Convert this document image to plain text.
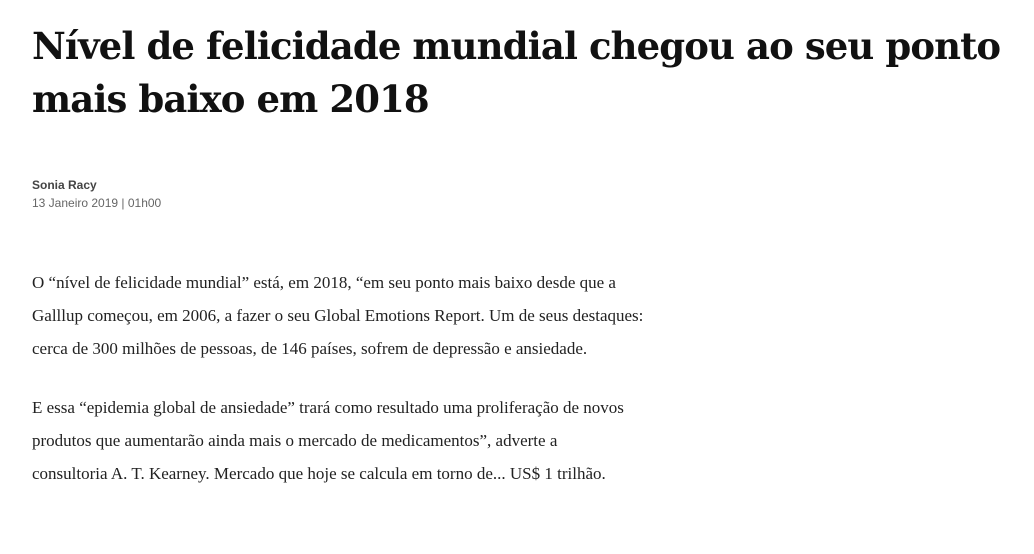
Nível de felicidade mundial chegou ao seu ponto
mais baixo em 2018
Sonia Racy
13 Janeiro 2019 | 01h00

O “nível de felicidade mundial” está, em 2018, “em seu ponto mais baixo desde que a
Galllup começou, em 2006, a fazer o seu Global Emotions Report. Um de seus destaques:
cerca de 300 milhões de pessoas, de 146 países, sofrem de depressão e ansiedade.

E essa “epidemia global de ansiedade” trará como resultado uma proliferação de novos
produtos que aumentarão ainda mais o mercado de medicamentos”, adverte a
consultoria A. T. Kearney. Mercado que hoje se calcula em torno de... US$ 1 trilhão.
